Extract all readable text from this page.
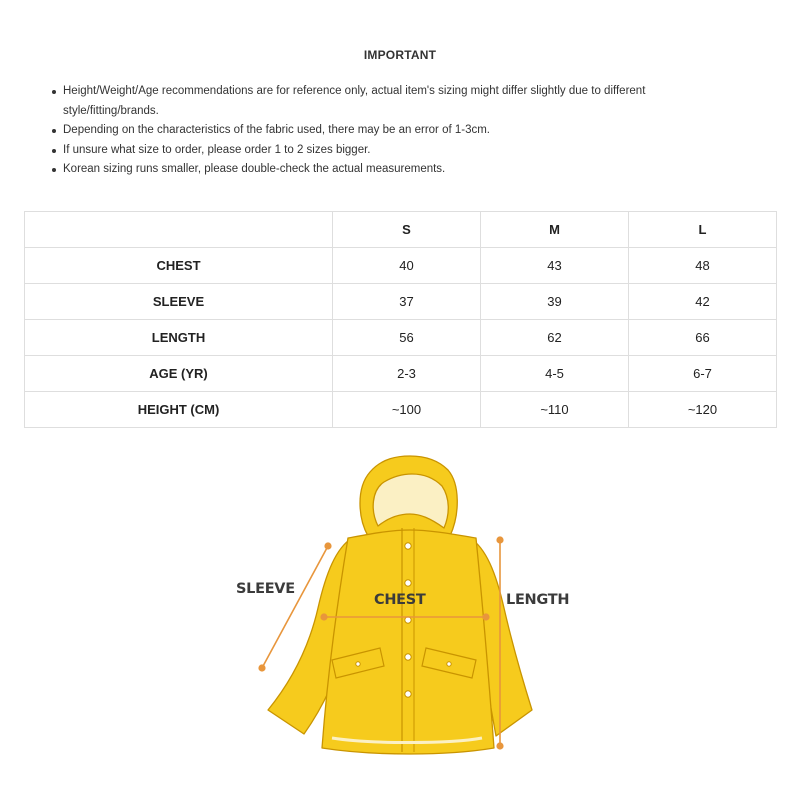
IMPORTANT
Height/Weight/Age recommendations are for reference only, actual item's sizing might differ slightly due to different style/fitting/brands.
Depending on the characteristics of the fabric used, there may be an error of 1-3cm.
If unsure what size to order, please order 1 to 2 sizes bigger.
Korean sizing runs smaller, please double-check the actual measurements.
	S	M	L
CHEST	40	43	48
SLEEVE	37	39	42
LENGTH	56	62	66
AGE (YR)	2-3	4-5	6-7
HEIGHT (CM)	~100	~110	~120
SLEEVE
CHEST	LENGTH
